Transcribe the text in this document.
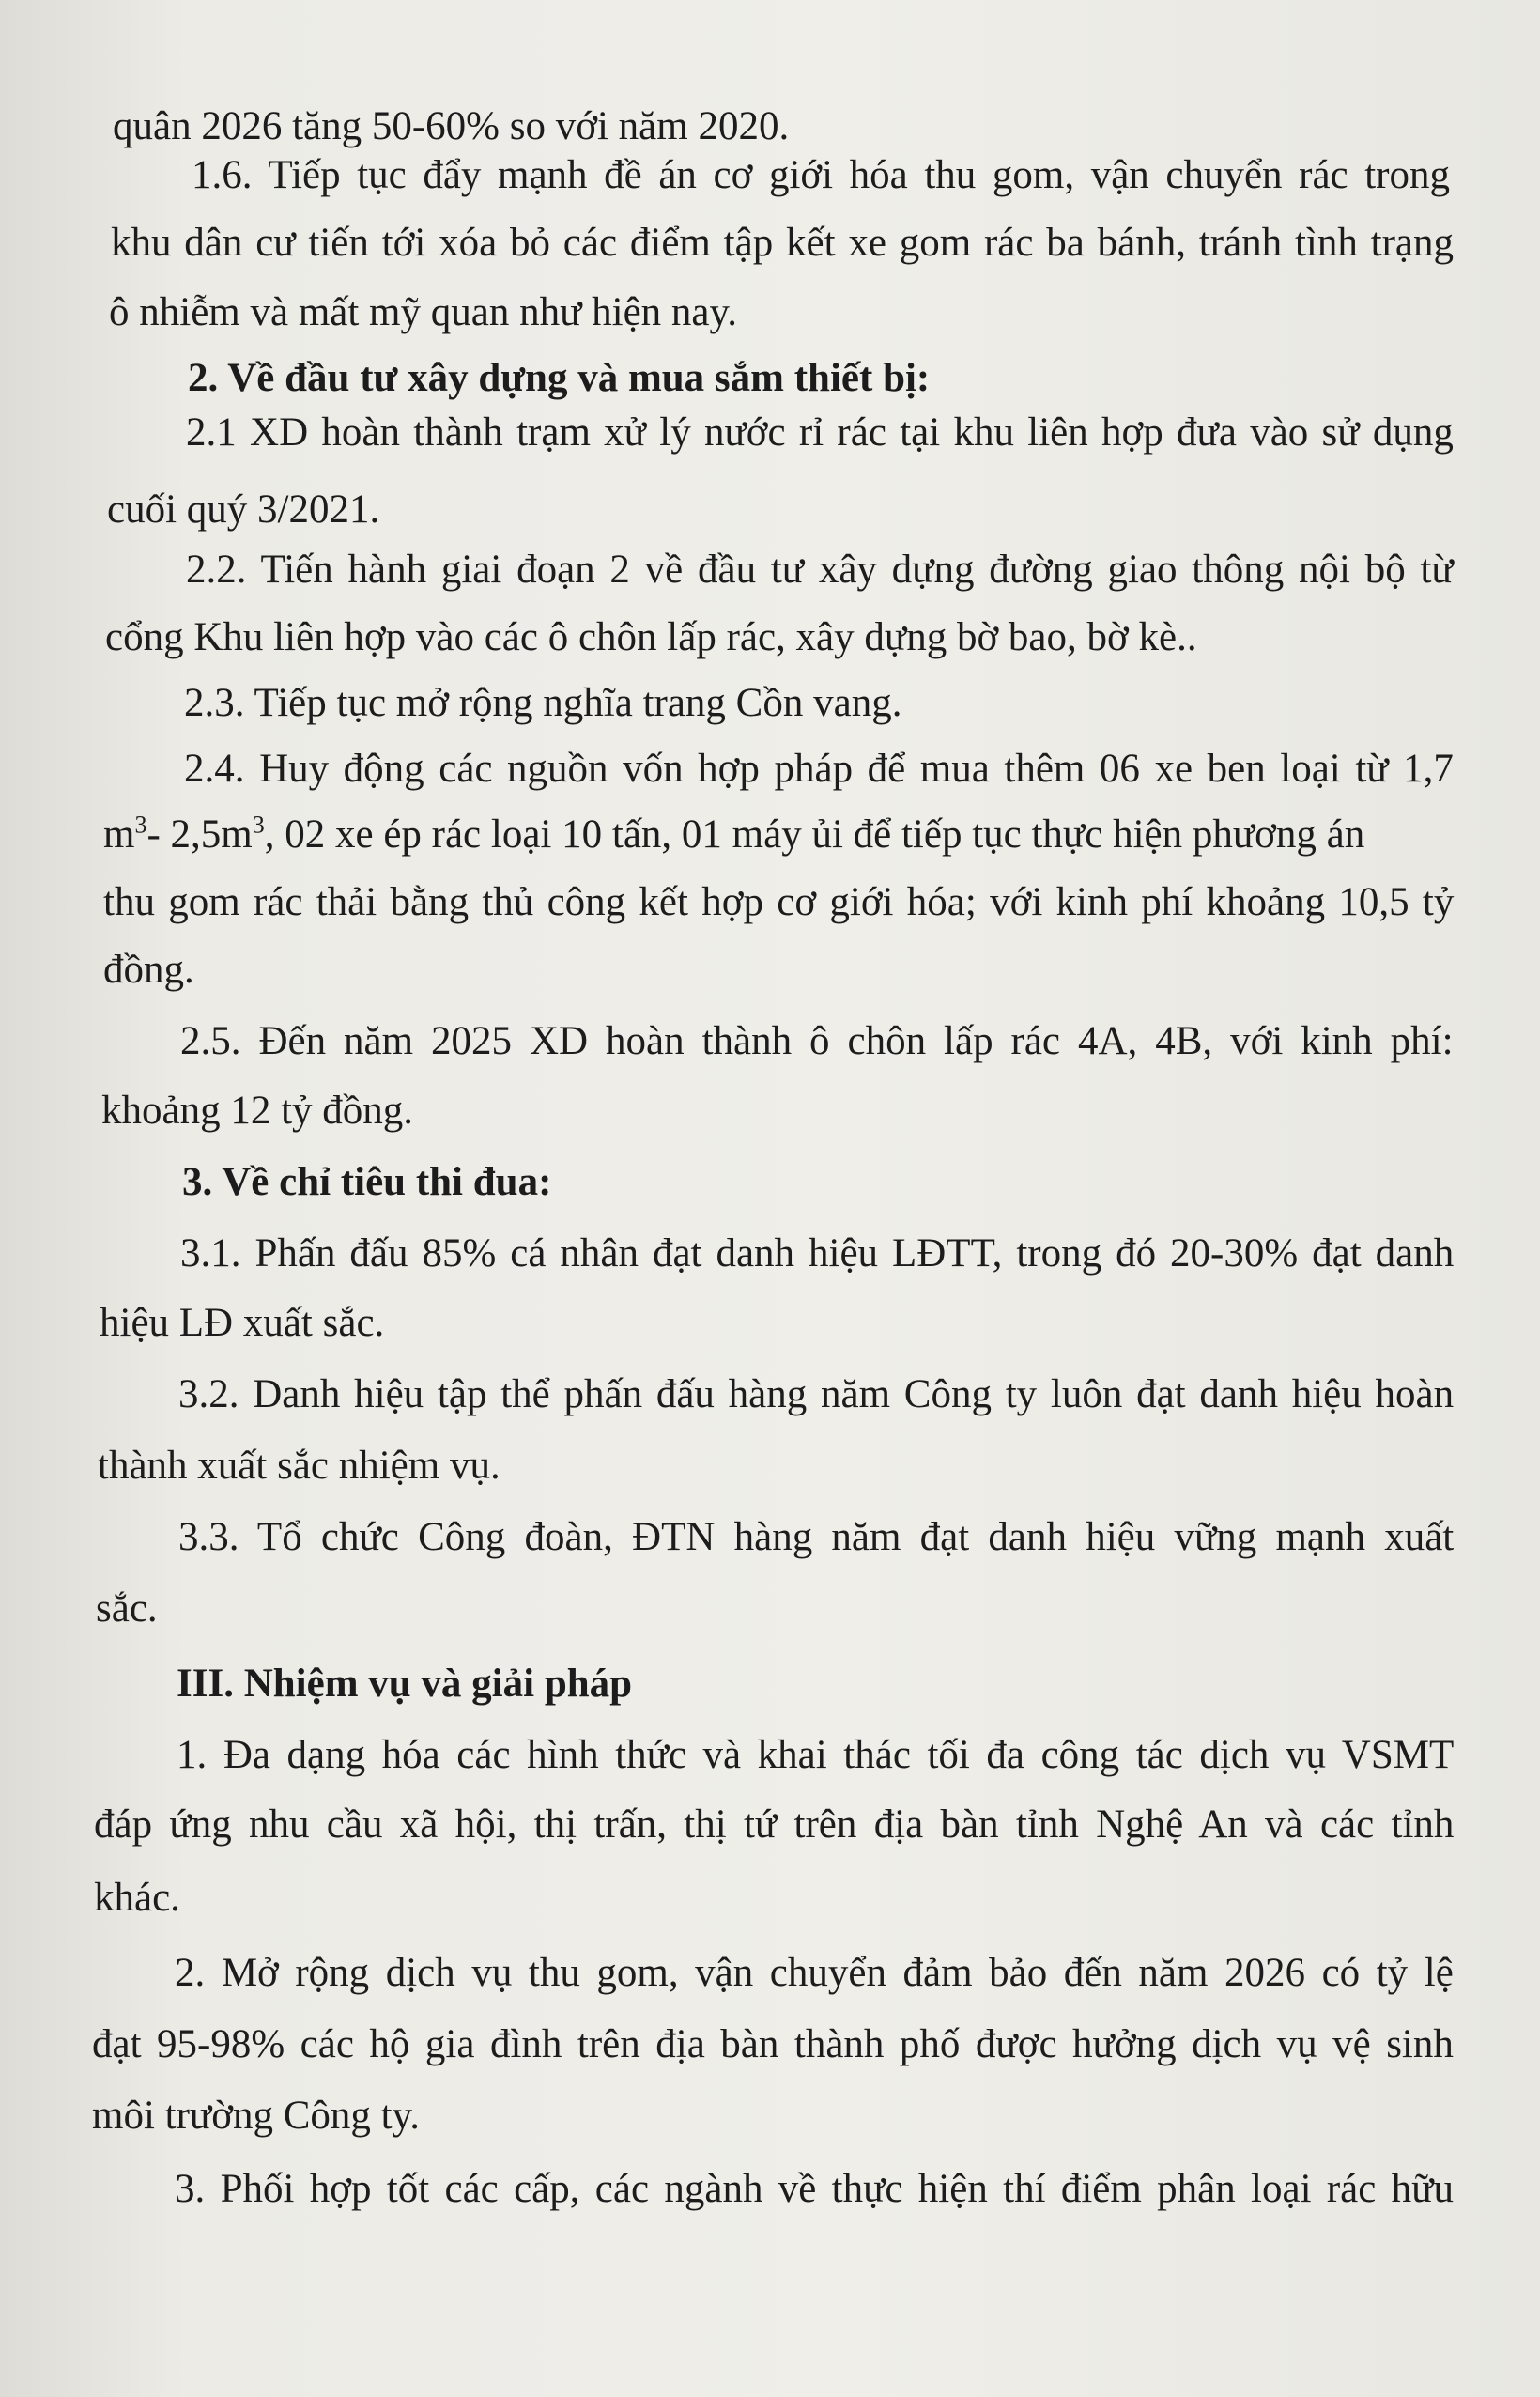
quân 2026 tăng 50-60% so với năm 2020.

1.6. Tiếp tục đẩy mạnh đề án cơ giới hóa thu gom, vận chuyển rác trong

khu dân cư tiến tới xóa bỏ các điểm tập kết xe gom rác ba bánh, tránh tình trạng

ô nhiễm và mất mỹ quan như hiện nay.

2. Về đầu tư xây dựng và mua sắm thiết bị:

2.1 XD hoàn thành trạm xử lý nước rỉ rác tại khu liên hợp đưa vào sử dụng

cuối quý 3/2021.

2.2. Tiến hành giai đoạn 2 về đầu tư xây dựng đường giao thông nội bộ từ

cổng Khu liên hợp vào các ô chôn lấp rác, xây dựng bờ bao, bờ kè..

2.3. Tiếp tục mở rộng nghĩa trang Cồn vang.

2.4. Huy động các nguồn vốn hợp pháp để mua thêm 06 xe ben loại từ 1,7

$m^3-$ $2,5m^3$, 02 xe ép rác loại 10 tấn, 01 máy ủi để tiếp tục thực hiện phương án

thu gom rác thải bằng thủ công kết hợp cơ giới hóa; với kinh phí khoảng 10,5 tỷ

đồng.

2.5. Đến năm 2025 XD hoàn thành ô chôn lấp rác 4A, 4B, với kinh phí:

khoảng 12 tỷ đồng.

3. Về chỉ tiêu thi đua:

3.1. Phấn đấu 85% cá nhân đạt danh hiệu LĐTT, trong đó 20-30% đạt danh

hiệu LĐ xuất sắc.

3.2. Danh hiệu tập thể phấn đấu hàng năm Công ty luôn đạt danh hiệu hoàn

thành xuất sắc nhiệm vụ.

3.3. Tổ chức Công đoàn, ĐTN hàng năm đạt danh hiệu vững mạnh xuất

sắc.

III. Nhiệm vụ và giải pháp

1. Đa dạng hóa các hình thức và khai thác tối đa công tác dịch vụ VSMT

đáp ứng nhu cầu xã hội, thị trấn, thị tứ trên địa bàn tỉnh Nghệ An và các tỉnh

khác.

2. Mở rộng dịch vụ thu gom, vận chuyển đảm bảo đến năm 2026 có tỷ lệ

đạt 95-98% các hộ gia đình trên địa bàn thành phố được hưởng dịch vụ vệ sinh

môi trường Công ty.

3. Phối hợp tốt các cấp, các ngành về thực hiện thí điểm phân loại rác hữu
